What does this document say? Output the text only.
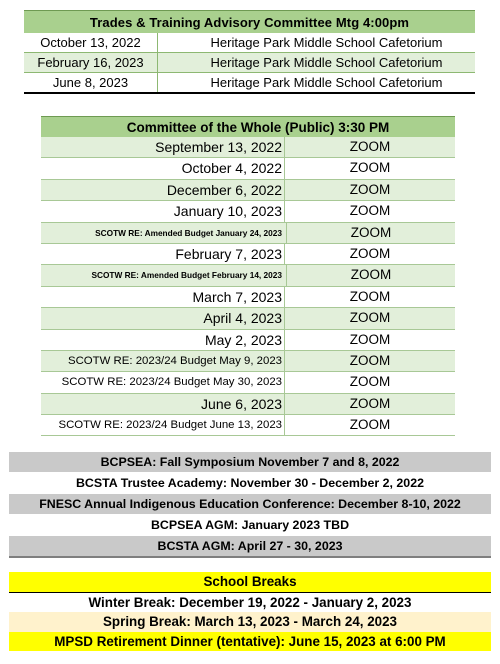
Trades & Training Advisory Committee Mtg 4:00pm
October 13, 2022	Heritage Park Middle School Cafetorium
February 16, 2023	Heritage Park Middle School Cafetorium
June 8, 2023	Heritage Park Middle School Cafetorium
Committee of the Whole (Public) 3:30 PM
September 13, 2022	ZOOM
October 4, 2022	ZOOM
December 6, 2022	ZOOM
January 10, 2023	ZOOM
SCOTW RE: Amended Budget January 24, 2023	ZOOM
February 7, 2023	ZOOM
SCOTW RE: Amended Budget February 14, 2023	ZOOM
March 7, 2023	ZOOM
April 4, 2023	ZOOM
May 2, 2023	ZOOM
SCOTW RE: 2023/24 Budget May 9, 2023	ZOOM
SCOTW RE: 2023/24 Budget May 30, 2023	ZOOM
June 6, 2023	ZOOM
SCOTW RE: 2023/24 Budget June 13, 2023	ZOOM
BCPSEA: Fall Symposium November 7 and 8, 2022
BCSTA Trustee Academy: November 30 - December 2, 2022
FNESC Annual Indigenous Education Conference: December 8-10, 2022
BCPSEA AGM: January 2023 TBD
BCSTA AGM: April 27 - 30, 2023
School Breaks
Winter Break: December 19, 2022 - January 2, 2023
Spring Break: March 13, 2023 - March 24, 2023
MPSD Retirement Dinner (tentative): June 15, 2023 at 6:00 PM
